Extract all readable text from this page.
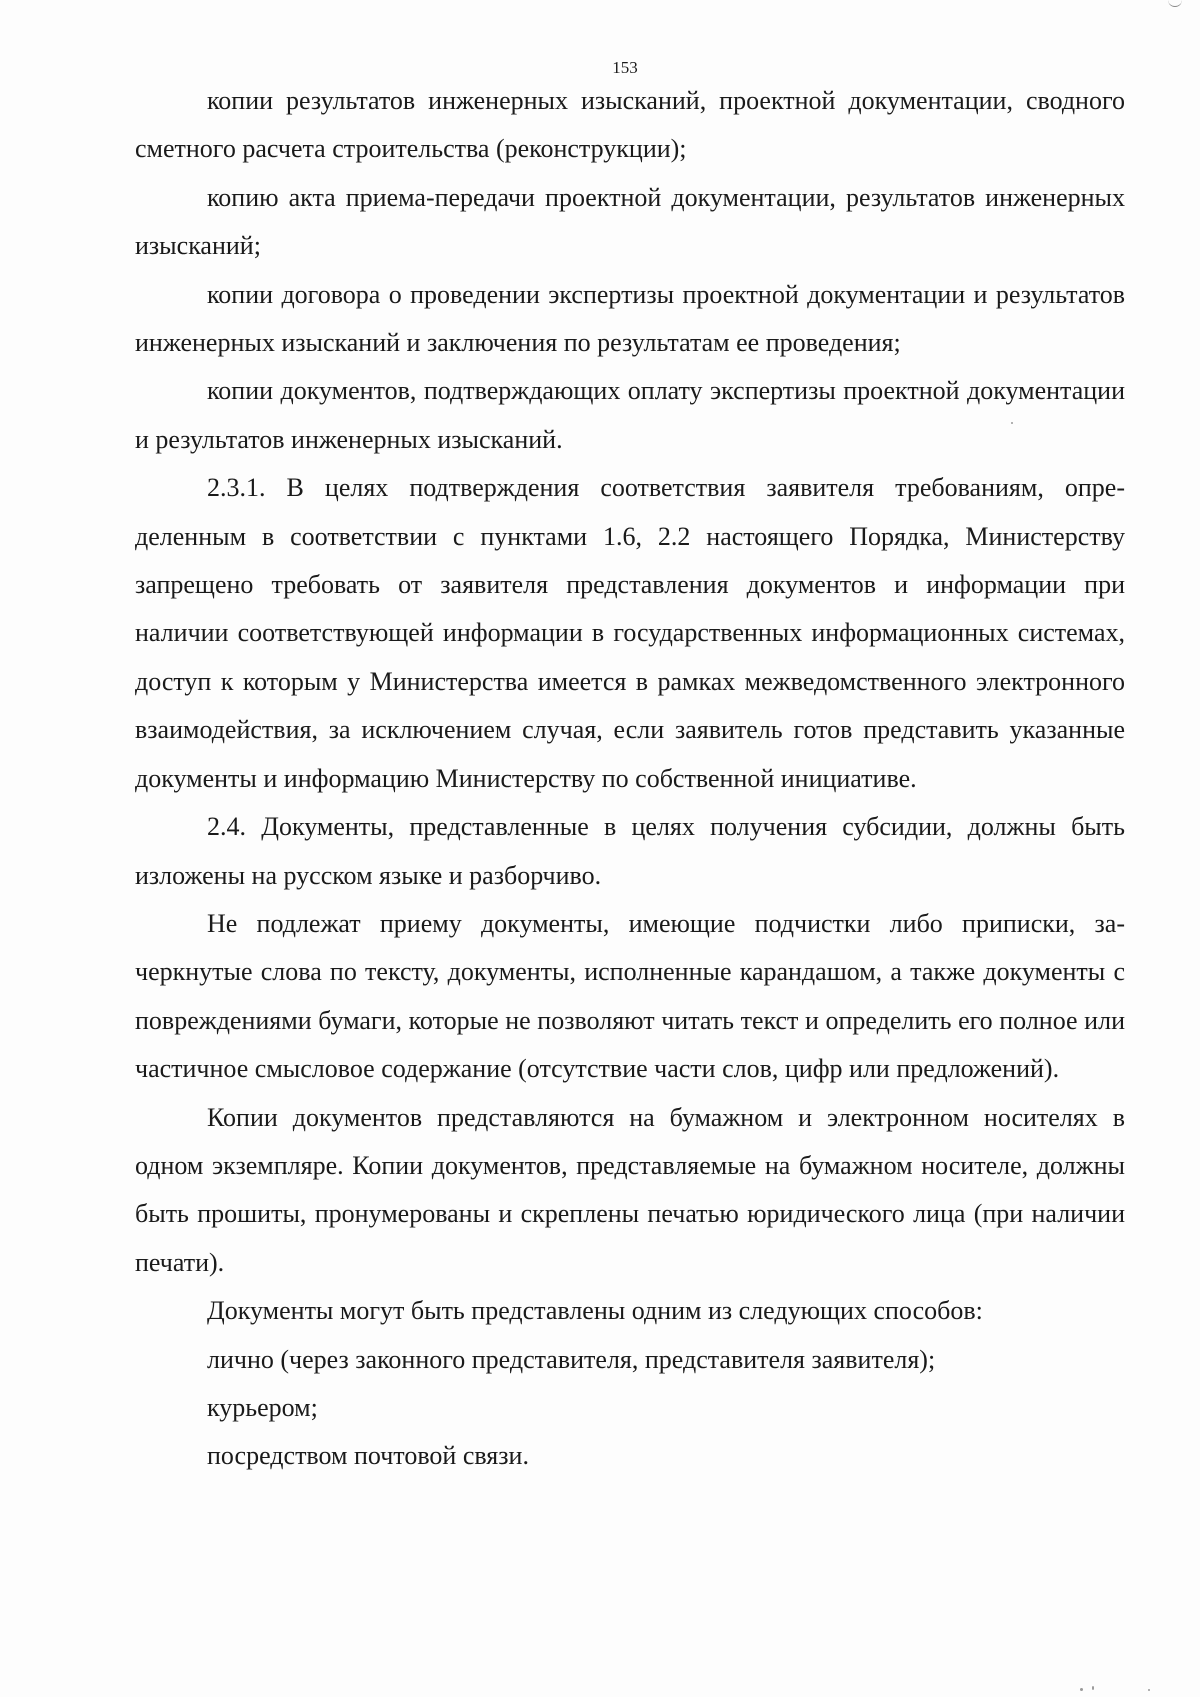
153

копии результатов инженерных изысканий, проектной документации, сводного сметного расчета строительства (реконструкции);

копию акта приема-передачи проектной документации, результатов инженерных изысканий;

копии договора о проведении экспертизы проектной документации и результатов инженерных изысканий и заключения по результатам ее проведения;

копии документов, подтверждающих оплату экспертизы проектной документации и результатов инженерных изысканий.

2.3.1. В целях подтверждения соответствия заявителя требованиям, определенным в соответствии с пунктами 1.6, 2.2 настоящего Порядка, Министерству запрещено требовать от заявителя представления документов и информации при наличии соответствующей информации в государственных информационных системах, доступ к которым у Министерства имеется в рамках межведомственного электронного взаимодействия, за исключением случая, если заявитель готов представить указанные документы и информацию Министерству по собственной инициативе.

2.4. Документы, представленные в целях получения субсидии, должны быть изложены на русском языке и разборчиво.

Не подлежат приему документы, имеющие подчистки либо приписки, зачеркнутые слова по тексту, документы, исполненные карандашом, а также документы с повреждениями бумаги, которые не позволяют читать текст и определить его полное или частичное смысловое содержание (отсутствие части слов, цифр или предложений).

Копии документов представляются на бумажном и электронном носителях в одном экземпляре. Копии документов, представляемые на бумажном носителе, должны быть прошиты, пронумерованы и скреплены печатью юридического лица (при наличии печати).

Документы могут быть представлены одним из следующих способов:

лично (через законного представителя, представителя заявителя);

курьером;

посредством почтовой связи.
